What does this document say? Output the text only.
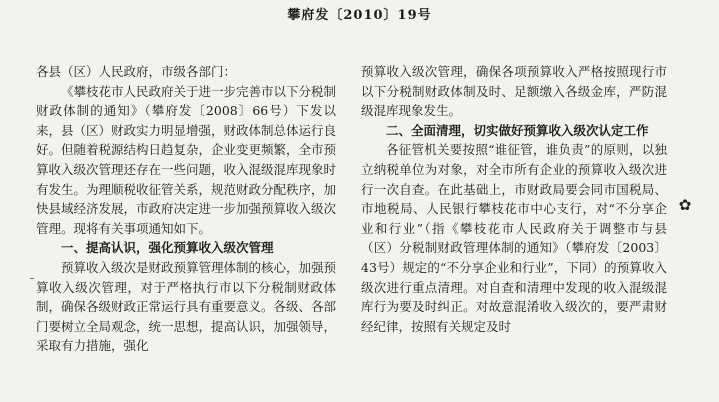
攀府发〔2010〕19号

各县（区）人民政府，市级各部门：

《攀枝花市人民政府关于进一步完善市以下分税制财政体制的通知》（攀府发〔2008〕66号）下发以来，县（区）财政实力明显增强，财政体制总体运行良好。但随着税源结构日趋复杂，企业变更频繁，全市预算收入级次管理还存在一些问题，收入混级混库现象时有发生。为理顺税收征管关系，规范财政分配秩序，加快县域经济发展，市政府决定进一步加强预算收入级次管理。现将有关事项通知如下。

一、提高认识，强化预算收入级次管理

预算收入级次是财政预算管理体制的核心，加强预算收入级次管理，对于严格执行市以下分税制财政体制，确保各级财政正常运行具有重要意义。各级、各部门要树立全局观念，统一思想，提高认识，加强领导，采取有力措施，强化

预算收入级次管理，确保各项预算收入严格按照现行市以下分税制财政体制及时、足额缴入各级金库，严防混级混库现象发生。

二、全面清理，切实做好预算收入级次认定工作

各征管机关要按照“谁征管，谁负责”的原则，以独立纳税单位为对象，对全市所有企业的预算收入级次进行一次自查。在此基础上，市财政局要会同市国税局、市地税局、人民银行攀枝花市中心支行，对“不分享企业和行业”（指《攀枝花市人民政府关于调整市与县（区）分税制财政管理体制的通知》（攀府发〔2003〕43号）规定的“不分享企业和行业”，下同）的预算收入级次进行重点清理。对自查和清理中发现的收入混级混库行为要及时纠正。对故意混淆收入级次的，要严肃财经纪律，按照有关规定及时

✿
